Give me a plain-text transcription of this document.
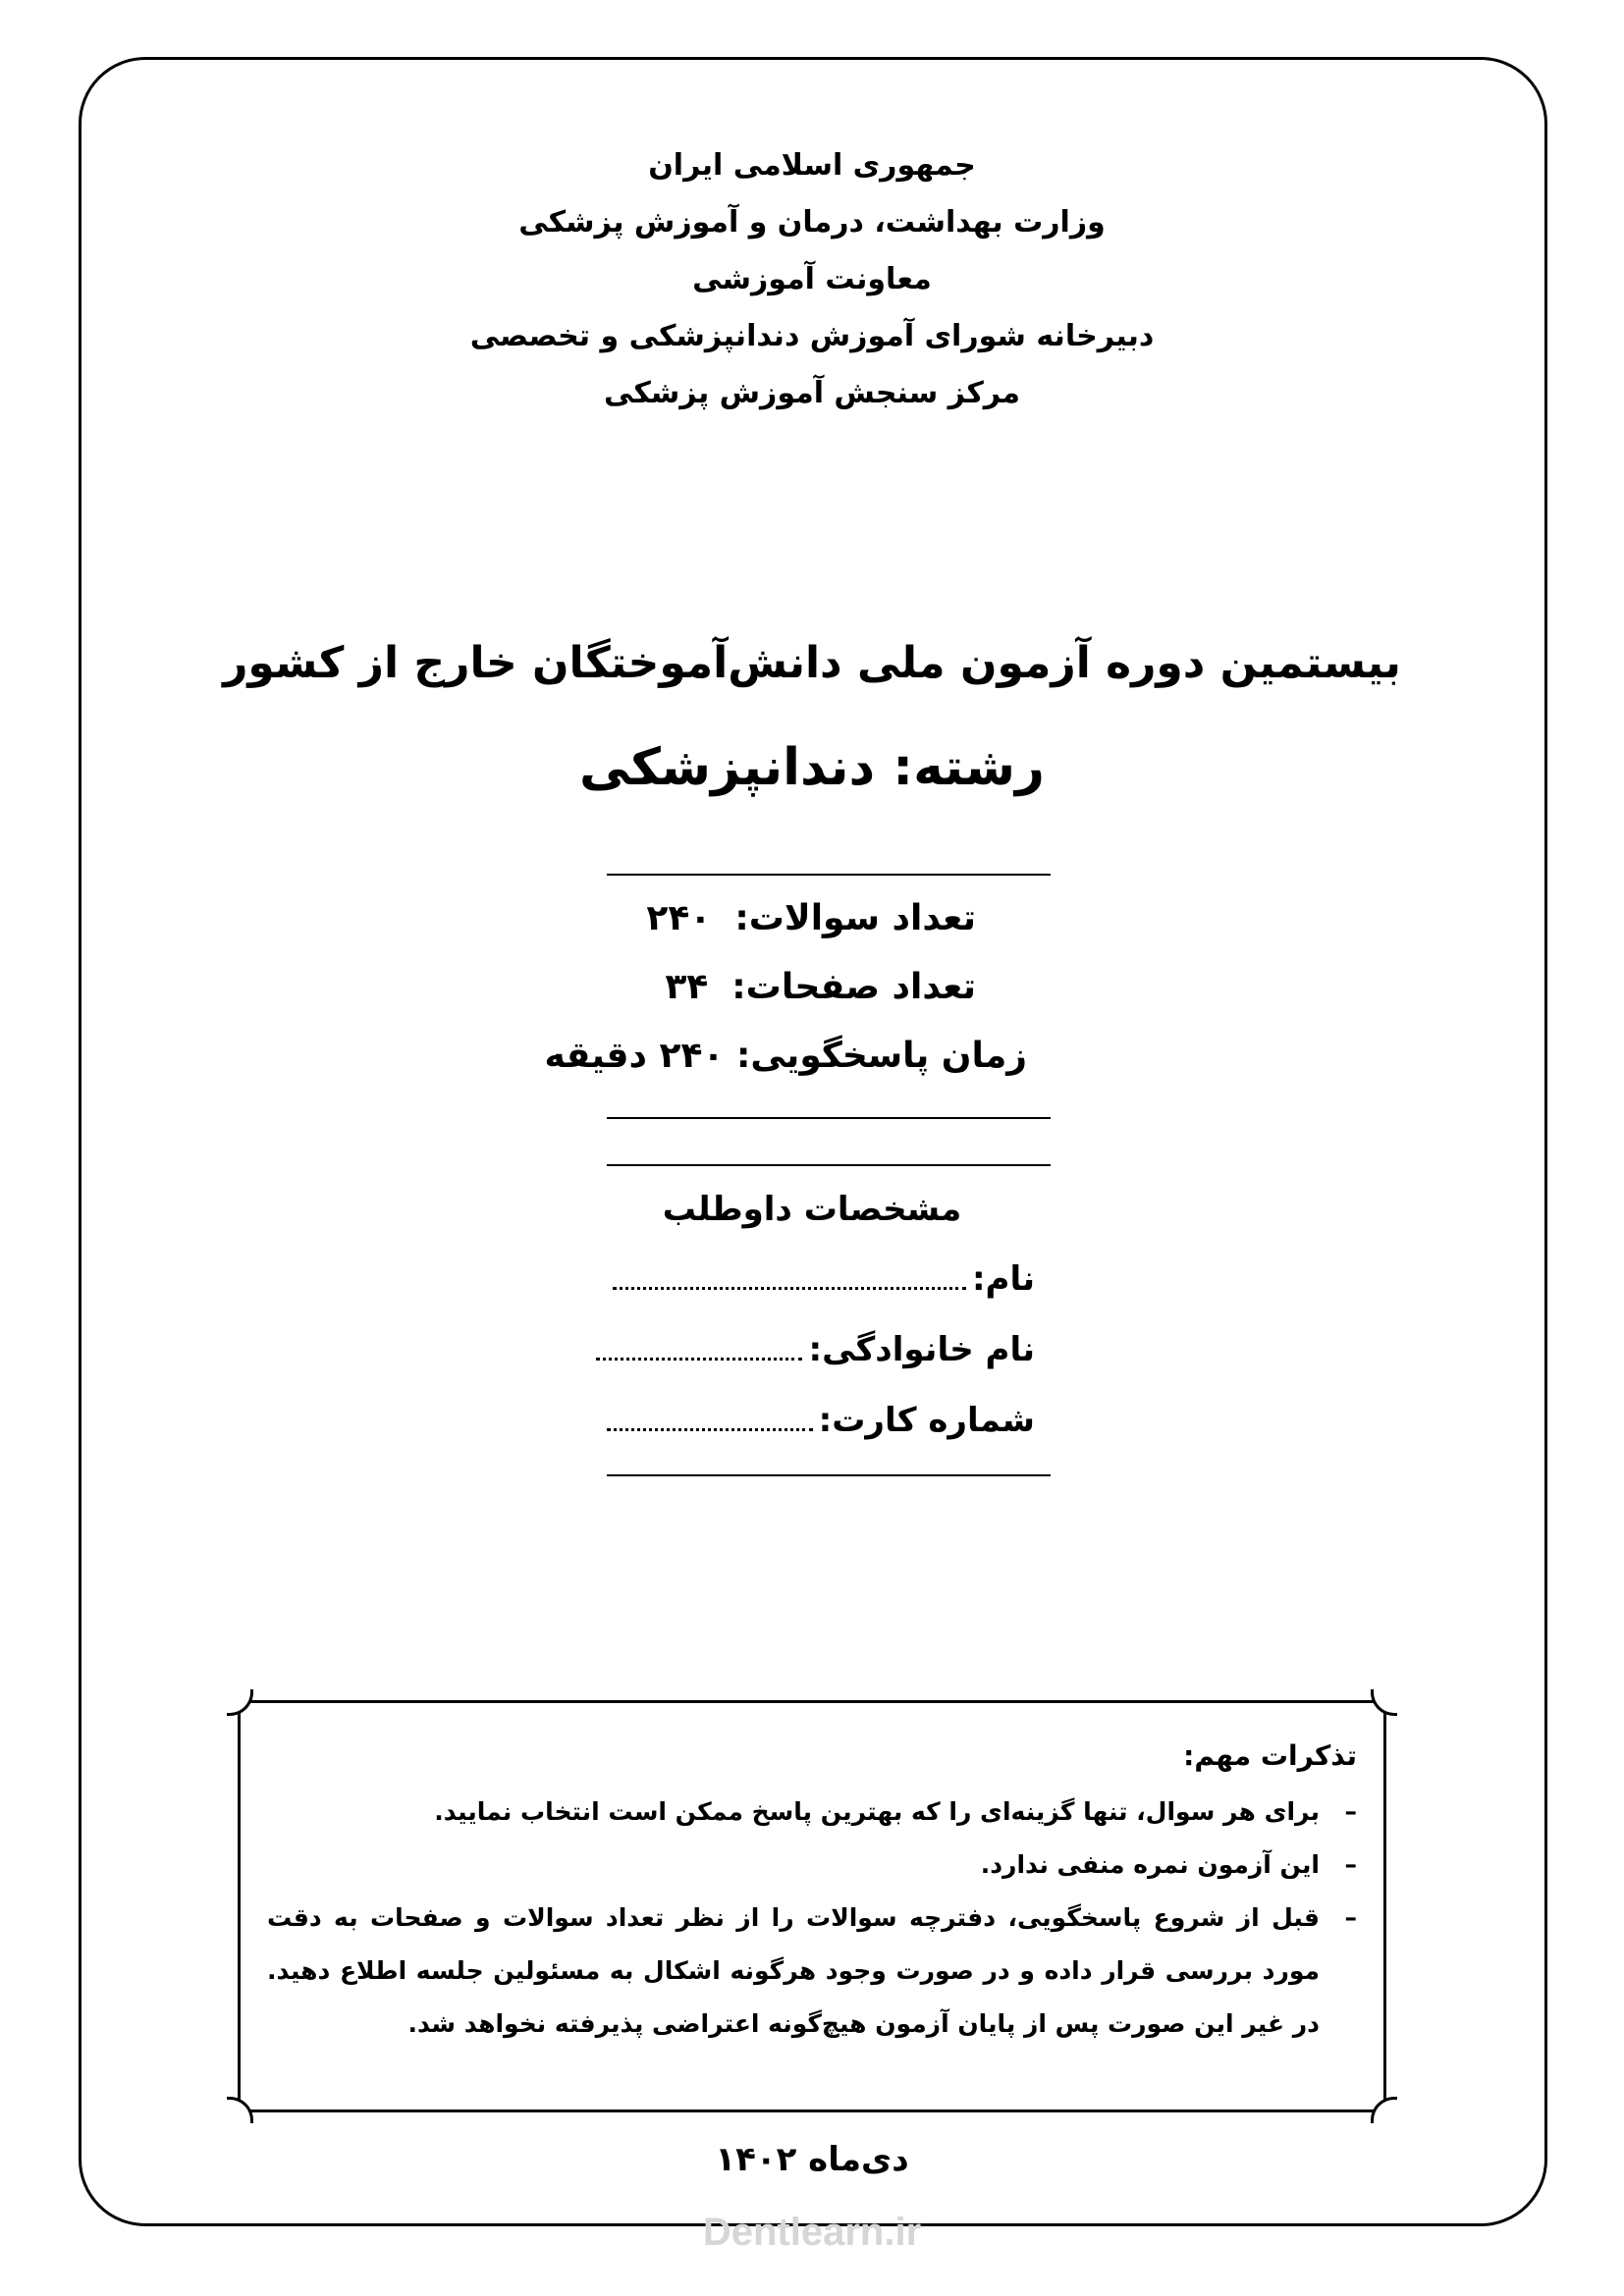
جمهوری اسلامی ایران
وزارت بهداشت، درمان و آموزش پزشکی
معاونت آموزشی
دبیرخانه شورای آموزش دندانپزشکی و تخصصی
مرکز سنجش آموزش پزشکی
بیستمین دوره آزمون ملی دانش‌آموختگان خارج از کشور
رشته: دندانپزشکی
تعداد سوالات:۲۴۰
تعداد صفحات:۳۴
زمان پاسخگویی: ۲۴۰ دقیقه
مشخصات داوطلب
نام:
نام خانوادگی:
شماره کارت:
تذکرات مهم:
– برای هر سوال، تنها گزینه‌ای را که بهترین پاسخ ممکن است انتخاب نمایید.
– این آزمون نمره منفی ندارد.
– قبل از شروع پاسخگویی، دفترچه سوالات را از نظر تعداد سوالات و صفحات به دقت مورد بررسی قرار داده و در صورت وجود هرگونه اشکال به مسئولین جلسه اطلاع دهید. در غیر این صورت پس از پایان آزمون هیچ‌گونه اعتراضی پذیرفته نخواهد شد.
دی‌ماه ۱۴۰۲
Dentlearn.ir
